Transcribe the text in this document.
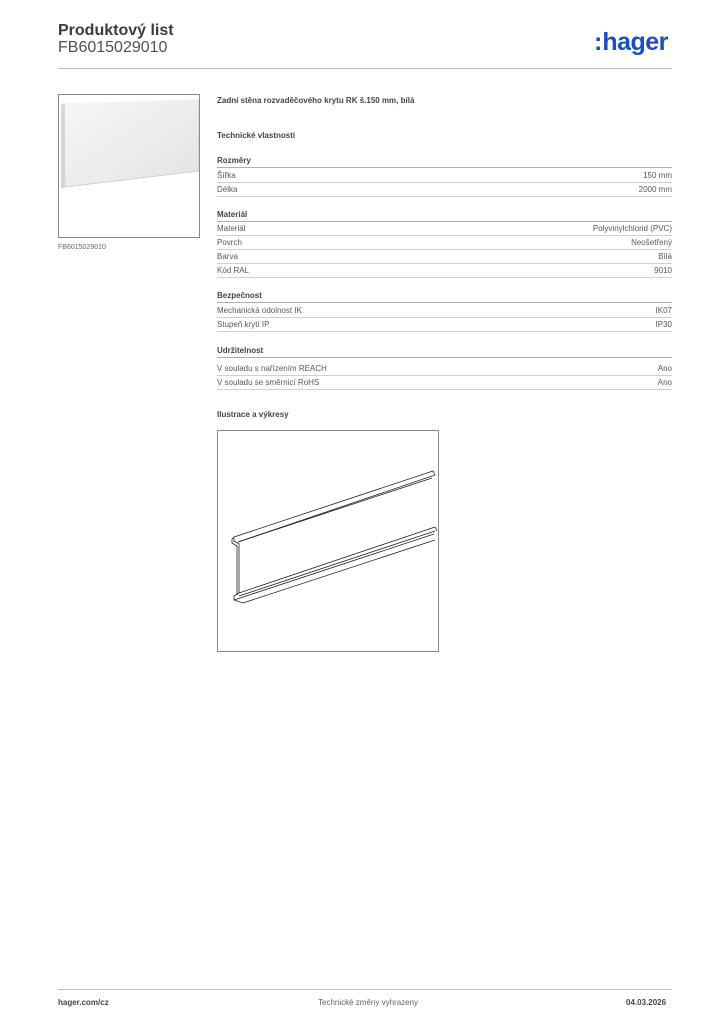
Produktový list
FB6015029010	:hager
FB6015029010
Zadní stěna rozvaděčového krytu RK š.150 mm, bílá
Technické vlastnosti
Rozměry
Šířka	150 mm
Délka	2000 mm
Materiál
Materiál	Polyvinylchlorid (PVC)
Povrch	Neošetřený
Barva	Bílá
Kód RAL	9010
Bezpečnost
Mechanická odolnost IK	IK07
Stupeň krytí IP	IP30
Udržitelnost
V souladu s nařízením REACH	Ano
V souladu se směrnicí RoHS	Ano
Ilustrace a výkresy
hager.com/cz	Technické změny vyhrazeny	04.03.2026
